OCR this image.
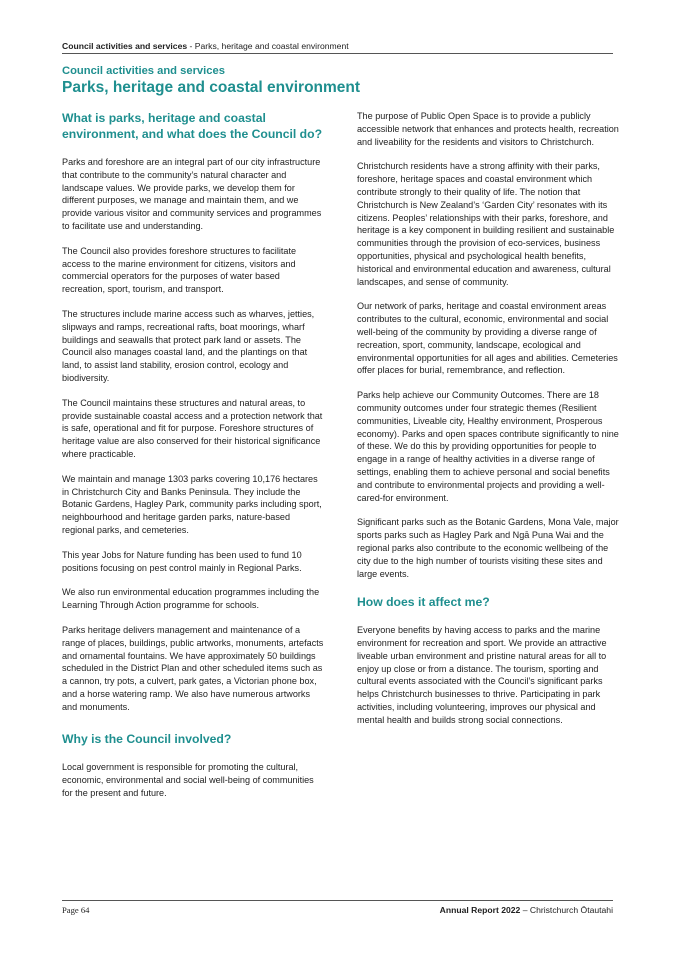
Council activities and services - Parks, heritage and coastal environment
Council activities and services
Parks, heritage and coastal environment
What is parks, heritage and coastal environment, and what does the Council do?

Parks and foreshore are an integral part of our city infrastructure that contribute to the community’s natural character and landscape values. We provide parks, we develop them for different purposes, we manage and maintain them, and we provide various visitor and community services and programmes to facilitate use and understanding.

The Council also provides foreshore structures to facilitate access to the marine environment for citizens, visitors and commercial operators for the purposes of water based recreation, sport, tourism, and transport.

The structures include marine access such as wharves, jetties, slipways and ramps, recreational rafts, boat moorings, wharf buildings and seawalls that protect park land or assets. The Council also manages coastal land, and the plantings on that land, to assist land stability, erosion control, ecology and biodiversity.

The Council maintains these structures and natural areas, to provide sustainable coastal access and a protection network that is safe, operational and fit for purpose. Foreshore structures of heritage value are also conserved for their historical significance where practicable.

We maintain and manage 1303 parks covering 10,176 hectares in Christchurch City and Banks Peninsula. They include the Botanic Gardens, Hagley Park, community parks including sport, neighbourhood and heritage garden parks, nature-based regional parks, and cemeteries.

This year Jobs for Nature funding has been used to fund 10 positions focusing on pest control mainly in Regional Parks.

We also run environmental education programmes including the Learning Through Action programme for schools.

Parks heritage delivers management and maintenance of a range of places, buildings, public artworks, monuments, artefacts and ornamental fountains. We have approximately 50 buildings scheduled in the District Plan and other scheduled items such as a cannon, try pots, a culvert, park gates, a Victorian phone box, and a horse watering ramp. We also have numerous artworks and monuments.

Why is the Council involved?

Local government is responsible for promoting the cultural, economic, environmental and social well-being of communities for the present and future.

The purpose of Public Open Space is to provide a publicly accessible network that enhances and protects health, recreation and liveability for the residents and visitors to Christchurch.

Christchurch residents have a strong affinity with their parks, foreshore, heritage spaces and coastal environment which contribute strongly to their quality of life. The notion that Christchurch is New Zealand’s ‘Garden City’ resonates with its citizens. Peoples’ relationships with their parks, foreshore, and heritage is a key component in building resilient and sustainable communities through the provision of eco-services, business opportunities, physical and psychological health benefits, historical and environmental education and awareness, cultural landscapes, and sense of community.

Our network of parks, heritage and coastal environment areas contributes to the cultural, economic, environmental and social well-being of the community by providing a diverse range of recreation, sport, community, landscape, ecological and environmental opportunities for all ages and abilities. Cemeteries offer places for burial, remembrance, and reflection.

Parks help achieve our Community Outcomes. There are 18 community outcomes under four strategic themes (Resilient communities, Liveable city, Healthy environment, Prosperous economy). Parks and open spaces contribute significantly to nine of these. We do this by providing opportunities for people to engage in a range of healthy activities in a diverse range of settings, enabling them to achieve personal and social benefits and contribute to environmental projects and providing a well-cared-for environment.

Significant parks such as the Botanic Gardens, Mona Vale, major sports parks such as Hagley Park and Ngā Puna Wai and the regional parks also contribute to the economic wellbeing of the city due to the high number of tourists visiting these sites and large events.

How does it affect me?

Everyone benefits by having access to parks and the marine environment for recreation and sport. We provide an attractive liveable urban environment and pristine natural areas for all to enjoy up close or from a distance. The tourism, sporting and cultural events associated with the Council’s significant parks helps Christchurch businesses to thrive. Participating in park activities, including volunteering, improves our physical and mental health and builds strong social connections.

Page 64	Annual Report 2022 – Christchurch Ōtautahi
